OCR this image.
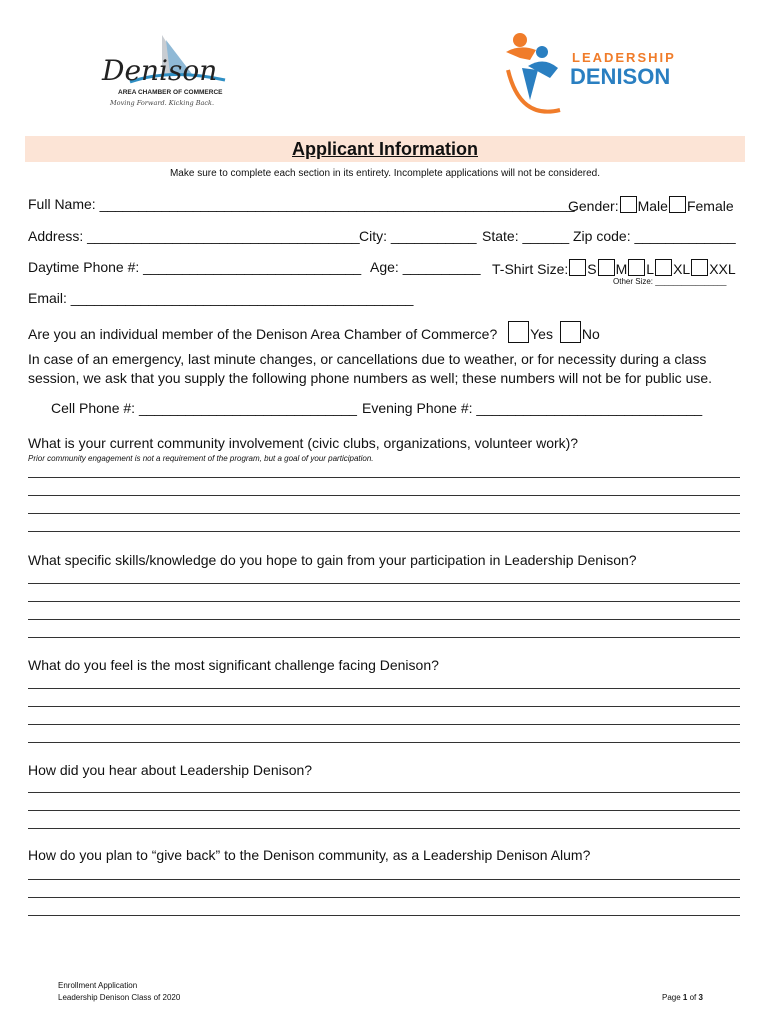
Denison
AREA CHAMBER OF COMMERCE
Moving Forward. Kicking Back.
LEADERSHIP
DENISON
Applicant Information
Make sure to complete each section in its entirety. Incomplete applications will not be considered.
Full Name: _____________________________________________________________
Gender: Male Female
Address: ___________________________________ City: ___________ State: ______ Zip code: _____________
Daytime Phone #: ____________________________ Age: __________ T-Shirt Size: S M L XL XXL
Other Size: ________________
Email: ____________________________________________
Are you an individual member of the Denison Area Chamber of Commerce? Yes No
In case of an emergency, last minute changes, or cancellations due to weather, or for necessity during a class session, we ask that you supply the following phone numbers as well; these numbers will not be for public use.
Cell Phone #: ____________________________ Evening Phone #: _____________________________
What is your current community involvement (civic clubs, organizations, volunteer work)?
Prior community engagement is not a requirement of the program, but a goal of your participation.
What specific skills/knowledge do you hope to gain from your participation in Leadership Denison?
What do you feel is the most significant challenge facing Denison?
How did you hear about Leadership Denison?
How do you plan to “give back” to the Denison community, as a Leadership Denison Alum?
Enrollment Application
Leadership Denison Class of 2020	Page 1 of 3
